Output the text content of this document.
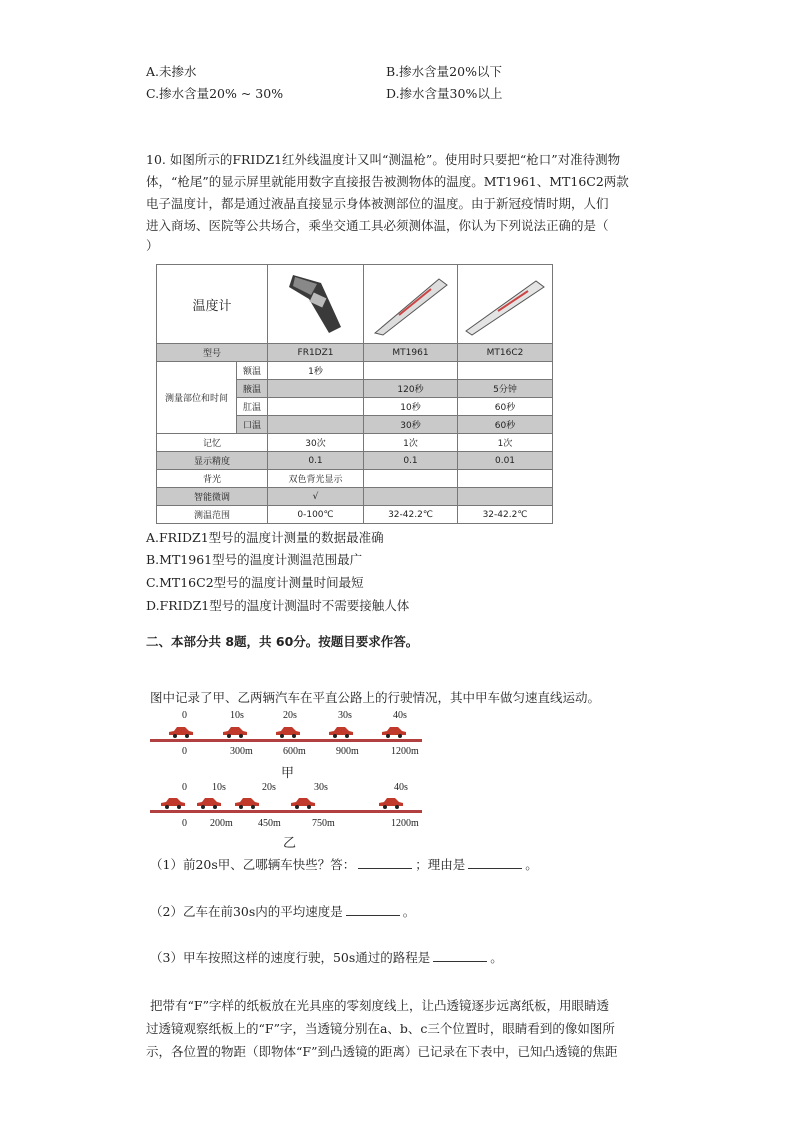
A.未掺水	B.掺水含量20%以下
C.掺水含量20% ~ 30%	D.掺水含量30%以上
10. 如图所示的FRIDZ1红外线温度计又叫“测温枪”。使用时只要把“枪口”对准待测物
体，“枪尾”的显示屏里就能用数字直接报告被测物体的温度。MT1961、MT16C2两款
电子温度计，都是通过液晶直接显示身体被测部位的温度。由于新冠疫情时期，人们
进入商场、医院等公共场合，乘坐交通工具必须测体温，你认为下列说法正确的是（
）
温度计			
型号		FR1DZ1	MT1961	MT16C2
测量部位和时间	额温	1秒		
	腋温		120秒	5分钟
	肛温		10秒	60秒
	口温		30秒	60秒
记忆		30次	1次	1次
显示精度		0.1	0.1	0.01
背光		双色背光显示		
智能微调		√		
测温范围		0-100℃	32-42.2℃	32-42.2℃
A.FRIDZ1型号的温度计测量的数据最准确
B.MT1961型号的温度计测温范围最广
C.MT16C2型号的温度计测量时间最短
D.FRIDZ1型号的温度计测温时不需要接触人体
二、本部分共 8题，共 60分。按题目要求作答。
图中记录了甲、乙两辆汽车在平直公路上的行驶情况，其中甲车做匀速直线运动。
0	10s	20s	30s	40s
0	300m	600m	900m	1200m
甲
0	10s	20s	30s	40s
0 200m	450m	750m	1200m
乙
（1）前20s甲、乙哪辆车快些？答：	；理由是	。
（2）乙车在前30s内的平均速度是	。
（3）甲车按照这样的速度行驶，50s通过的路程是	。
把带有“F”字样的纸板放在光具座的零刻度线上，让凸透镜逐步远离纸板，用眼睛透
过透镜观察纸板上的“F”字，当透镜分别在a、b、c三个位置时，眼睛看到的像如图所
示，各位置的物距（即物体“F”到凸透镜的距离）已记录在下表中，已知凸透镜的焦距
